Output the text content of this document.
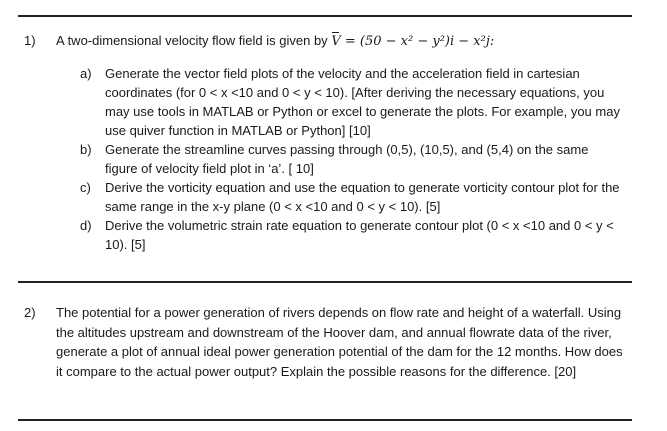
1)	A two-dimensional velocity flow field is given by V = (50 − x² − y²)i − x²j:
a)	Generate the vector field plots of the velocity and the acceleration field in cartesian coordinates (for 0 < x <10 and 0 < y < 10). [After deriving the necessary equations, you may use tools in MATLAB or Python or excel to generate the plots. For example, you may use quiver function in MATLAB or Python] [10]
b)	Generate the streamline curves passing through (0,5), (10,5), and (5,4) on the same figure of velocity field plot in ‘a’. [ 10]
c)	Derive the vorticity equation and use the equation to generate vorticity contour plot for the same range in the x-y plane (0 < x <10 and 0 < y < 10). [5]
d)	Derive the volumetric strain rate equation to generate contour plot (0 < x <10 and 0 < y < 10). [5]
2)	The potential for a power generation of rivers depends on flow rate and height of a waterfall. Using the altitudes upstream and downstream of the Hoover dam, and annual flowrate data of the river, generate a plot of annual ideal power generation potential of the dam for the 12 months. How does it compare to the actual power output? Explain the possible reasons for the difference. [20]
